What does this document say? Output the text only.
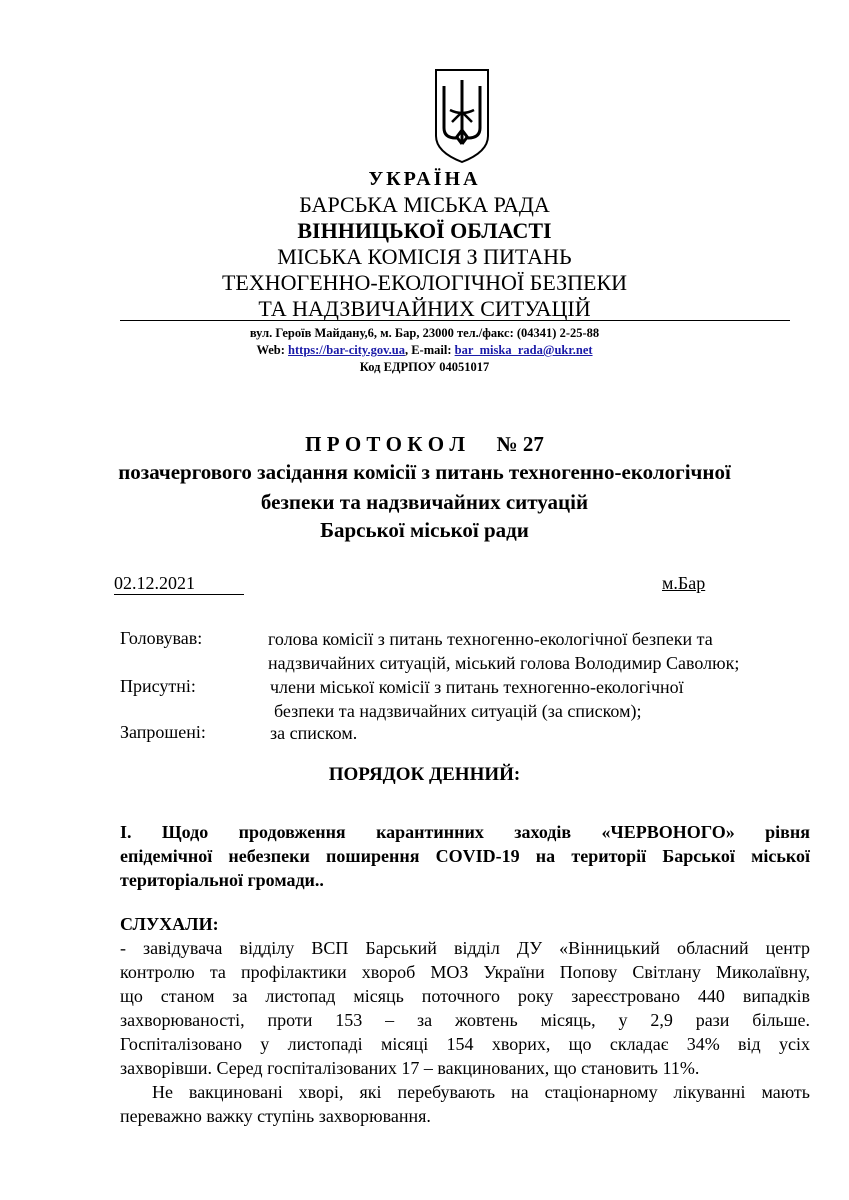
УКРАЇНА
БАРСЬКА МІСЬКА РАДА
ВІННИЦЬКОЇ ОБЛАСТІ
МІСЬКА КОМІСІЯ З ПИТАНЬ
ТЕХНОГЕННО-ЕКОЛОГІЧНОЇ БЕЗПЕКИ
ТА НАДЗВИЧАЙНИХ СИТУАЦІЙ
вул. Героїв Майдану,6, м. Бар, 23000 тел./факс: (04341) 2-25-88
Web: https://bar-city.gov.ua, E-mail: bar_miska_rada@ukr.net
Код ЕДРПОУ 04051017
П Р О Т О К О Л      № 27
позачергового засідання комісії з питань техногенно-екологічної
безпеки та надзвичайних ситуацій
Барської міської ради
02.12.2021	м.Бар
Головував:	голова комісії з питань техногенно-екологічної безпеки та
надзвичайних ситуацій, міський голова Володимир Саволюк;
Присутні:	члени міської комісії з питань техногенно-екологічної
безпеки та надзвичайних ситуацій (за списком);
Запрошені:	за списком.
ПОРЯДОК ДЕННИЙ:
I. Щодо продовження карантинних заходів «ЧЕРВОНОГО» рівня
епідемічної небезпеки поширення COVID-19 на території Барської міської
територіальної громади..
СЛУХАЛИ:
- завідувача відділу ВСП Барський відділ ДУ «Вінницький обласний центр
контролю та профілактики хвороб МОЗ України Попову Світлану Миколаївну,
що станом за листопад місяць поточного року зареєстровано 440 випадків
захворюваності, проти 153 – за жовтень місяць, у 2,9 рази більше.
Госпіталізовано у листопаді місяці 154 хворих, що складає 34% від усіх
захворівши. Серед госпіталізованих 17 – вакцинованих, що становить 11%.
Не вакциновані хворі, які перебувають на стаціонарному лікуванні мають
переважно важку ступінь захворювання.
